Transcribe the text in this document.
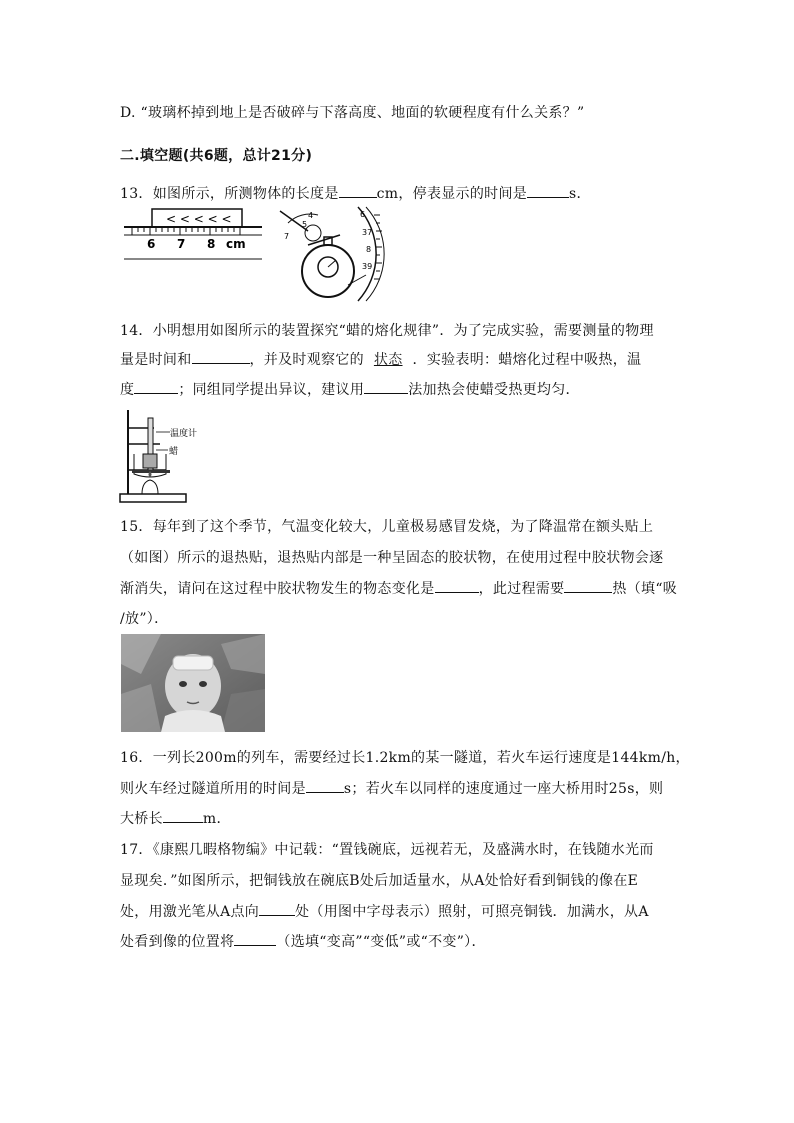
D. “玻璃杯掉到地上是否破碎与下落高度、地面的软硬程度有什么关系？”
二.填空题(共6题，总计21分)
13．如图所示，所测物体的长度是	cm，停表显示的时间是	s．
< < < < <
6 7 8 cm
4
5
7
6
37
8
39
14．小明想用如图所示的装置探究“蜡的熔化规律”．为了完成实验，需要测量的物理
量是时间和	，并及时观察它的 状态 ．实验表明：蜡熔化过程中吸热，温
度	；同组同学提出异议，建议用	法加热会使蜡受热更均匀．
温度计
蜡
15．每年到了这个季节，气温变化较大，儿童极易感冒发烧，为了降温常在额头贴上
（如图）所示的退热贴，退热贴内部是一种呈固态的胶状物，在使用过程中胶状物会逐
渐消失，请问在这过程中胶状物发生的物态变化是	，此过程需要	热（填“吸
/放”）．
16．一列长200m的列车，需要经过长1.2km的某一隧道，若火车运行速度是144km/h，
则火车经过隧道所用的时间是	s；若火车以同样的速度通过一座大桥用时25s，则
大桥长	m．
17．《康熙几暇格物编》中记载：“置钱碗底，远视若无，及盛满水时，在钱随水光而
显现矣．”如图所示，把铜钱放在碗底B处后加适量水，从A处恰好看到铜钱的像在E
处，用激光笔从A点向	处（用图中字母表示）照射，可照亮铜钱．加满水，从A
处看到像的位置将	（选填“变高”“变低”或“不变”）．
